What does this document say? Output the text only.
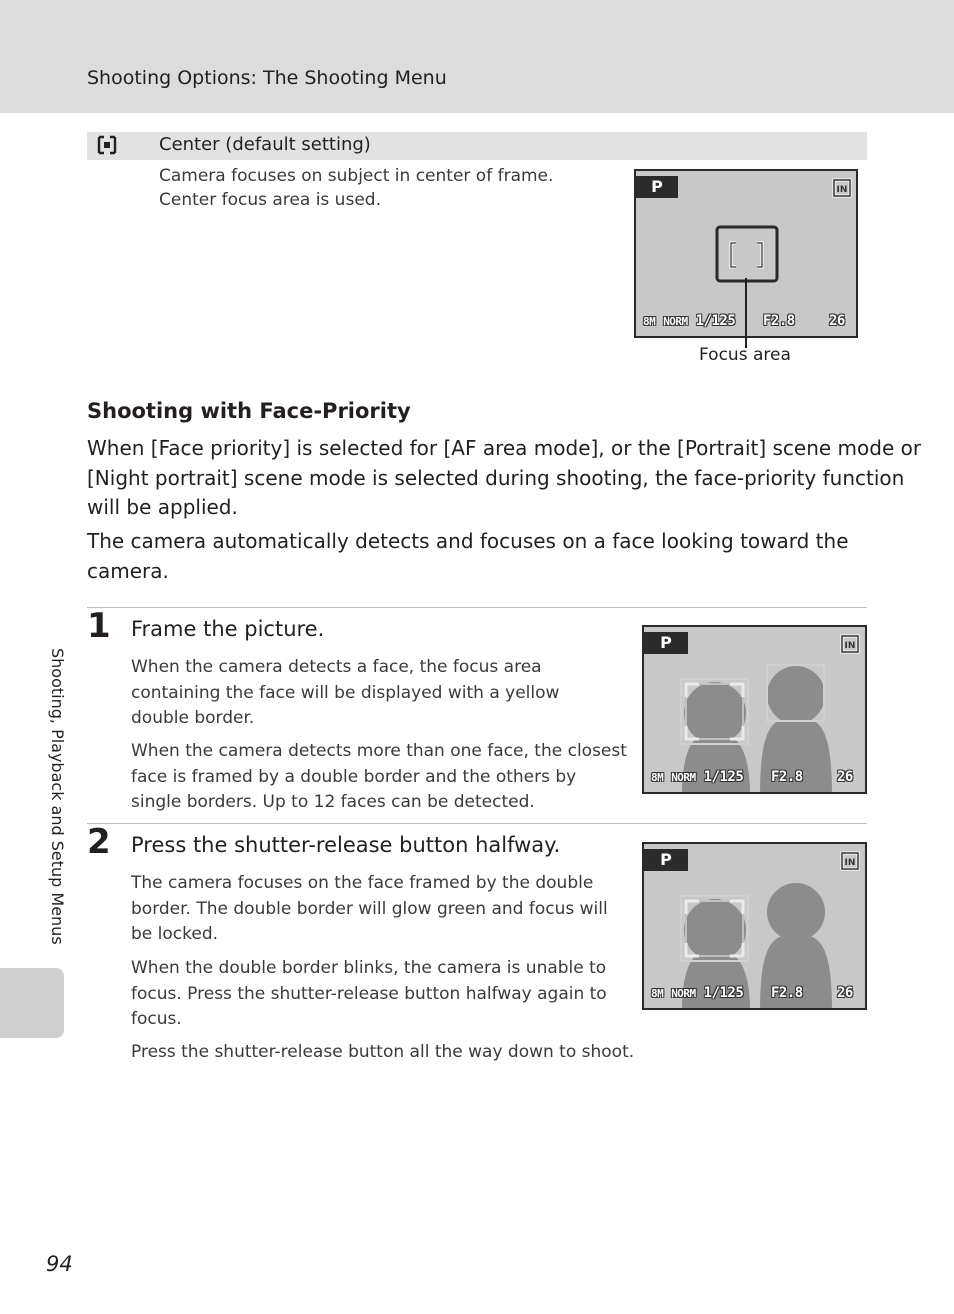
Shooting Options: The Shooting Menu
Shooting, Playback and Setup Menus
Center (default setting)
Camera focuses on subject in center of frame.
Center focus area is used.
P	IN
8M NORM 1/125 F2.8 26
Focus area
Shooting with Face-Priority
When [Face priority] is selected for [AF area mode], or the [Portrait] scene mode or
[Night portrait] scene mode is selected during shooting, the face-priority function
will be applied.
The camera automatically detects and focuses on a face looking toward the
camera.
1 Frame the picture.
When the camera detects a face, the focus area
containing the face will be displayed with a yellow
double border.
When the camera detects more than one face, the closest
face is framed by a double border and the others by
single borders. Up to 12 faces can be detected.
P	IN
8M NORM 1/125 F2.8 26
2 Press the shutter-release button halfway.
The camera focuses on the face framed by the double
border. The double border will glow green and focus will
be locked.
When the double border blinks, the camera is unable to
focus. Press the shutter-release button halfway again to
focus.
Press the shutter-release button all the way down to shoot.
P	IN
8M NORM 1/125 F2.8 26
94
